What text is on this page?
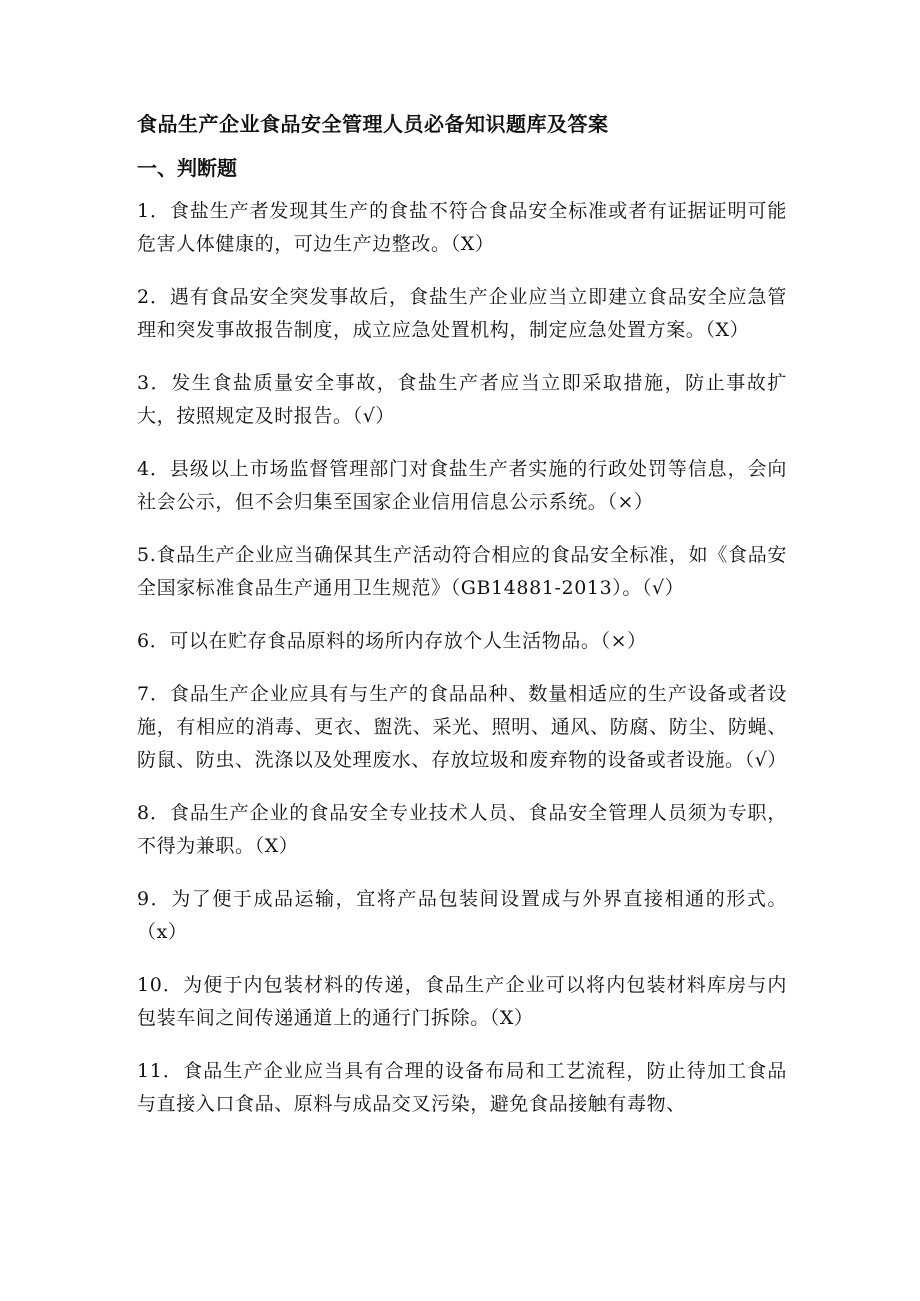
食品生产企业食品安全管理人员必备知识题库及答案
一、判断题
1．食盐生产者发现其生产的食盐不符合食品安全标准或者有证据证明可能危害人体健康的，可边生产边整改。（X）
2．遇有食品安全突发事故后，食盐生产企业应当立即建立食品安全应急管理和突发事故报告制度，成立应急处置机构，制定应急处置方案。（X）
3．发生食盐质量安全事故，食盐生产者应当立即采取措施，防止事故扩大，按照规定及时报告。（√）
4．县级以上市场监督管理部门对食盐生产者实施的行政处罚等信息，会向社会公示，但不会归集至国家企业信用信息公示系统。（×）
5.食品生产企业应当确保其生产活动符合相应的食品安全标准，如《食品安全国家标准食品生产通用卫生规范》（GB14881-2013）。（√）
6．可以在贮存食品原料的场所内存放个人生活物品。（×）
7．食品生产企业应具有与生产的食品品种、数量相适应的生产设备或者设施，有相应的消毒、更衣、盥洗、采光、照明、通风、防腐、防尘、防蝇、防鼠、防虫、洗涤以及处理废水、存放垃圾和废弃物的设备或者设施。（√）
8．食品生产企业的食品安全专业技术人员、食品安全管理人员须为专职，不得为兼职。（X）
9．为了便于成品运输，宜将产品包装间设置成与外界直接相通的形式。（x）
10．为便于内包装材料的传递，食品生产企业可以将内包装材料库房与内包装车间之间传递通道上的通行门拆除。（X）
11．食品生产企业应当具有合理的设备布局和工艺流程，防止待加工食品与直接入口食品、原料与成品交叉污染，避免食品接触有毒物、
